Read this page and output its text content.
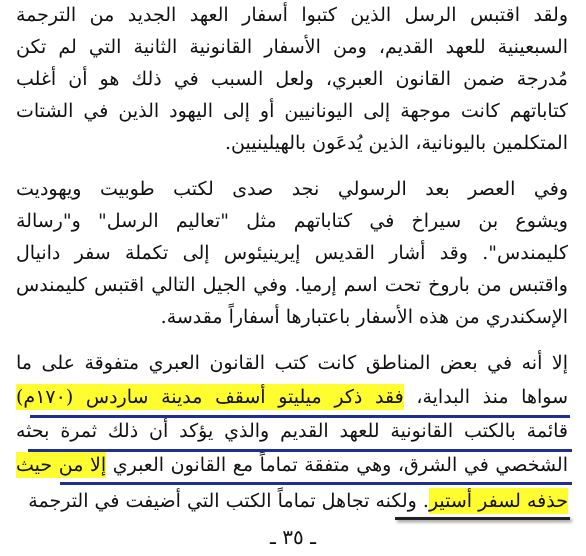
ولقد اقتبس الرسل الذين كتبوا أسفار العهد الجديد من الترجمة
السبعينية للعهد القديم، ومن الأسفار القانونية الثانية التي لم تكن
مُدرجة ضمن القانون العبري، ولعل السبب في ذلك هو أن أغلب
كتاباتهم كانت موجهة إلى اليونانيين أو إلى اليهود الذين في الشتات
المتكلمين باليونانية، الذين يُدعَون بالهيلينيين.
وفي العصر بعد الرسولي نجد صدى لكتب طوبيت ويهوديت
ويشوع بن سيراخ في كتاباتهم مثل "تعاليم الرسل" و"رسالة
كليمندس". وقد أشار القديس إيرينيئوس إلى تكملة سفر دانيال
واقتبس من باروخ تحت اسم إرميا. وفي الجيل التالي اقتبس كليمندس
الإسكندري من هذه الأسفار باعتبارها أسفاراً مقدسة.
إلا أنه في بعض المناطق كانت كتب القانون العبري متفوقة على ما
سواها منذ البداية، فقد ذكر ميليتو أسقف مدينة ساردس (١٧٠م)
قائمة بالكتب القانونية للعهد القديم والذي يؤكد أن ذلك ثمرة بحثه
الشخصي في الشرق، وهي متفقة تماماً مع القانون العبري إلا من حيث
حذفه لسفر أستير. ولكنه تجاهل تماماً الكتب التي أضيفت في الترجمة
ـ ٣٥ ـ
